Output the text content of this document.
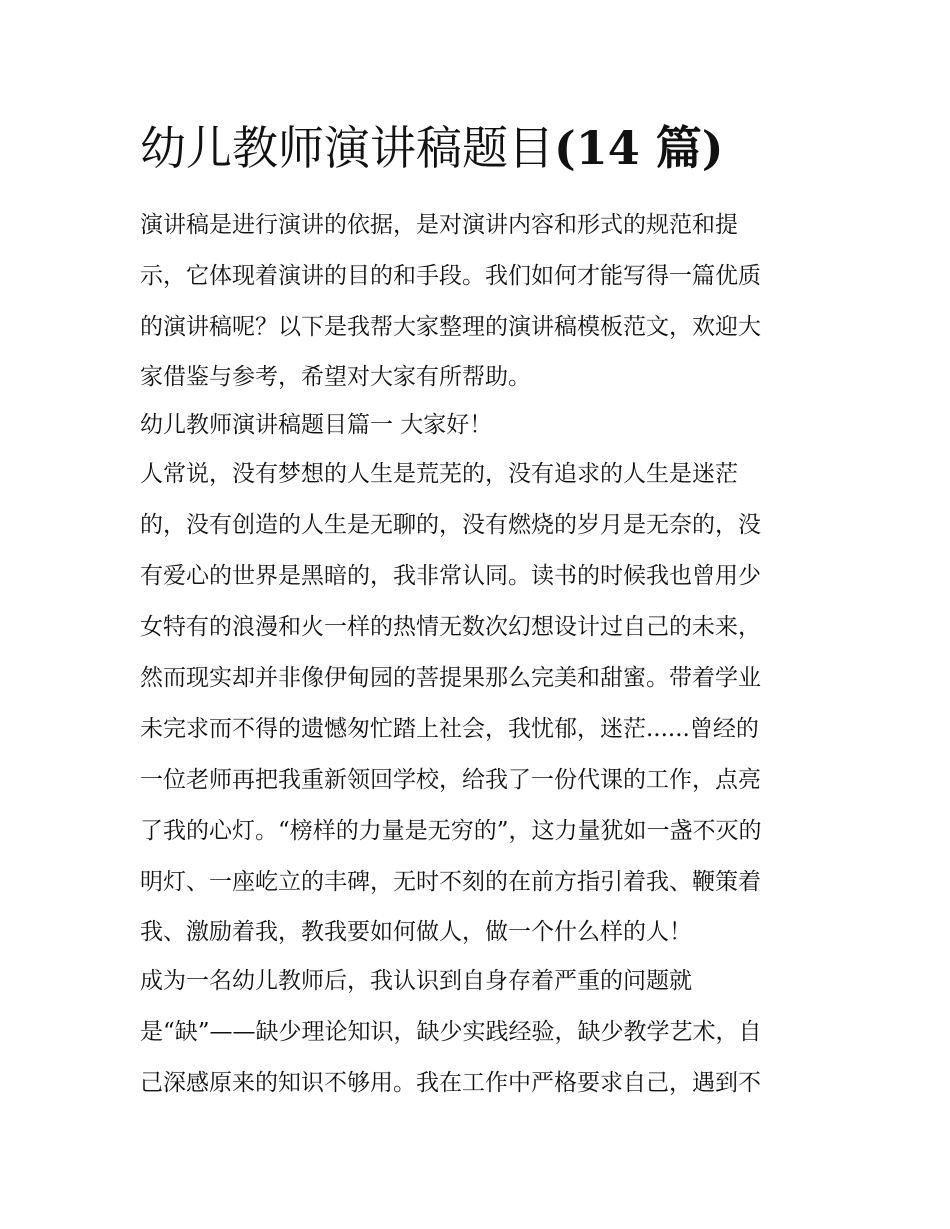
幼儿教师演讲稿题目(14 篇)
演讲稿是进行演讲的依据，是对演讲内容和形式的规范和提
示，它体现着演讲的目的和手段。我们如何才能写得一篇优质
的演讲稿呢？以下是我帮大家整理的演讲稿模板范文，欢迎大
家借鉴与参考，希望对大家有所帮助。
幼儿教师演讲稿题目篇一 大家好！
人常说，没有梦想的人生是荒芜的，没有追求的人生是迷茫
的，没有创造的人生是无聊的，没有燃烧的岁月是无奈的，没
有爱心的世界是黑暗的，我非常认同。读书的时候我也曾用少
女特有的浪漫和火一样的热情无数次幻想设计过自己的未来，
然而现实却并非像伊甸园的菩提果那么完美和甜蜜。带着学业
未完求而不得的遗憾匆忙踏上社会，我忧郁，迷茫......曾经的
一位老师再把我重新领回学校，给我了一份代课的工作，点亮
了我的心灯。“榜样的力量是无穷的”，这力量犹如一盏不灭的
明灯、一座屹立的丰碑，无时不刻的在前方指引着我、鞭策着
我、激励着我，教我要如何做人，做一个什么样的人！
成为一名幼儿教师后，我认识到自身存着严重的问题就
是“缺”——缺少理论知识，缺少实践经验，缺少教学艺术，自
己深感原来的知识不够用。我在工作中严格要求自己，遇到不
